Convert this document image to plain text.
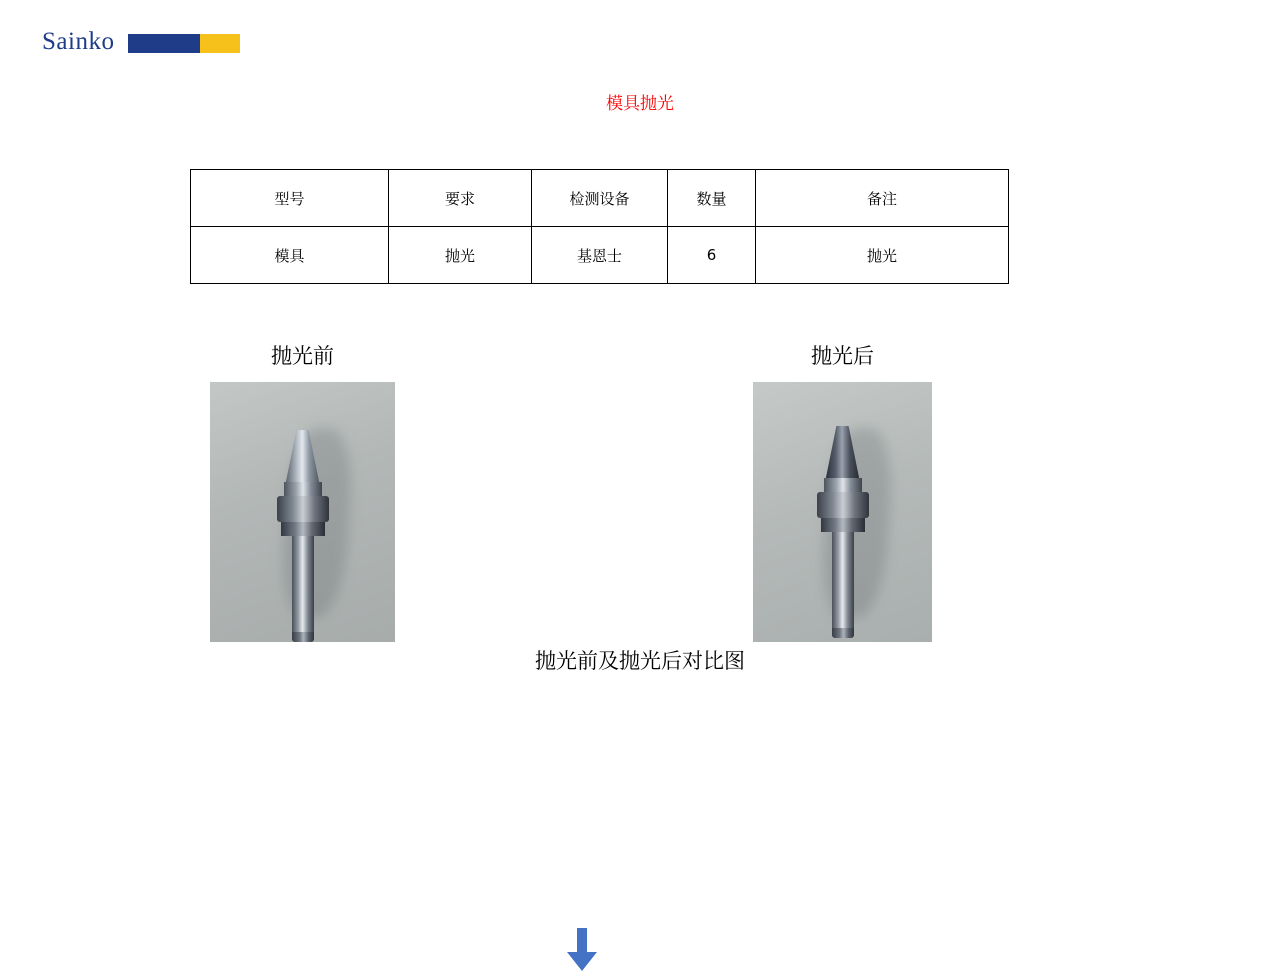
Sainko
模具抛光
型号	要求	检测设备	数量	备注
模具	抛光	基恩士	6	抛光
抛光前	抛光后
抛光前及抛光后对比图
